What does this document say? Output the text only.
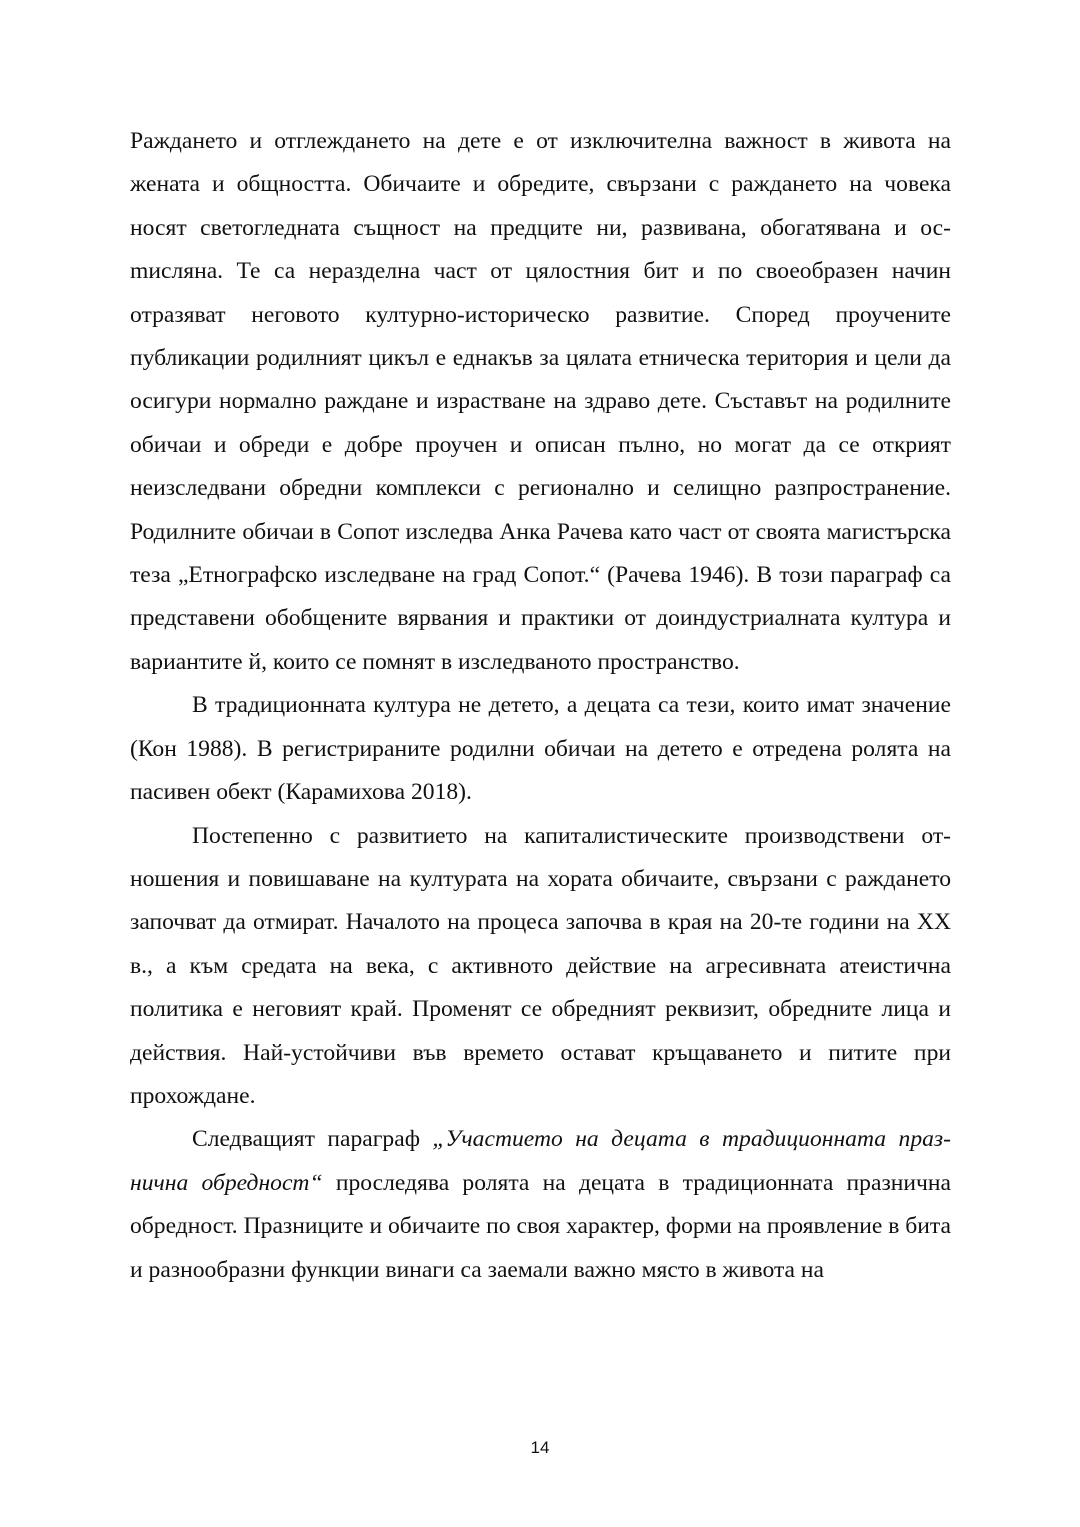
Раждането и отглеждането на дете е от изключителна важност в живота на жената и общността. Обичаите и обредите, свързани с раждането на човека носят светогледната същност на предците ни, развивана, обогатявана и осmисляна. Те са неразделна част от цялостния бит и по своеобразен начин отразяват неговото културно-историческо развитие. Според проучените публикации родилният цикъл е еднакъв за цялата етническа територия и цели да осигури нормално раждане и израстване на здраво дете. Съставът на родилните обичаи и обреди е добре проучен и описан пълно, но могат да се открият неизследвани обредни комплекси с регионално и селищно разпространение. Родилните обичаи в Сопот изследва Анка Рачева като част от своята магистърска теза „Етнографско изследване на град Сопот.“ (Рачева 1946). В този параграф са представени обобщените вярвания и практики от доиндустриалната култура и вариантите й, които се помнят в изследваното пространство.

В традиционната култура не детето, а децата са тези, които имат значение (Кон 1988). В регистрираните родилни обичаи на детето е отредена ролята на пасивен обект (Карамихова 2018).

Постепенно с развитието на капиталистическите производствени отношения и повишаване на културата на хората обичаите, свързани с раждането започват да отмират. Началото на процеса започва в края на 20-те години на XX в., а към средата на века, с активното действие на агресивната атеистична политика е неговият край. Променят се обредният реквизит, обредните лица и действия. Най-устойчиви във времето остават кръщаването и питите при прохождане.

Следващият параграф „Участието на децата в традиционната празнична обредност“ проследява ролята на децата в традиционната празнична обредност. Празниците и обичаите по своя характер, форми на проявление в бита и разнообразни функции винаги са заемали важно място в живота на

14
